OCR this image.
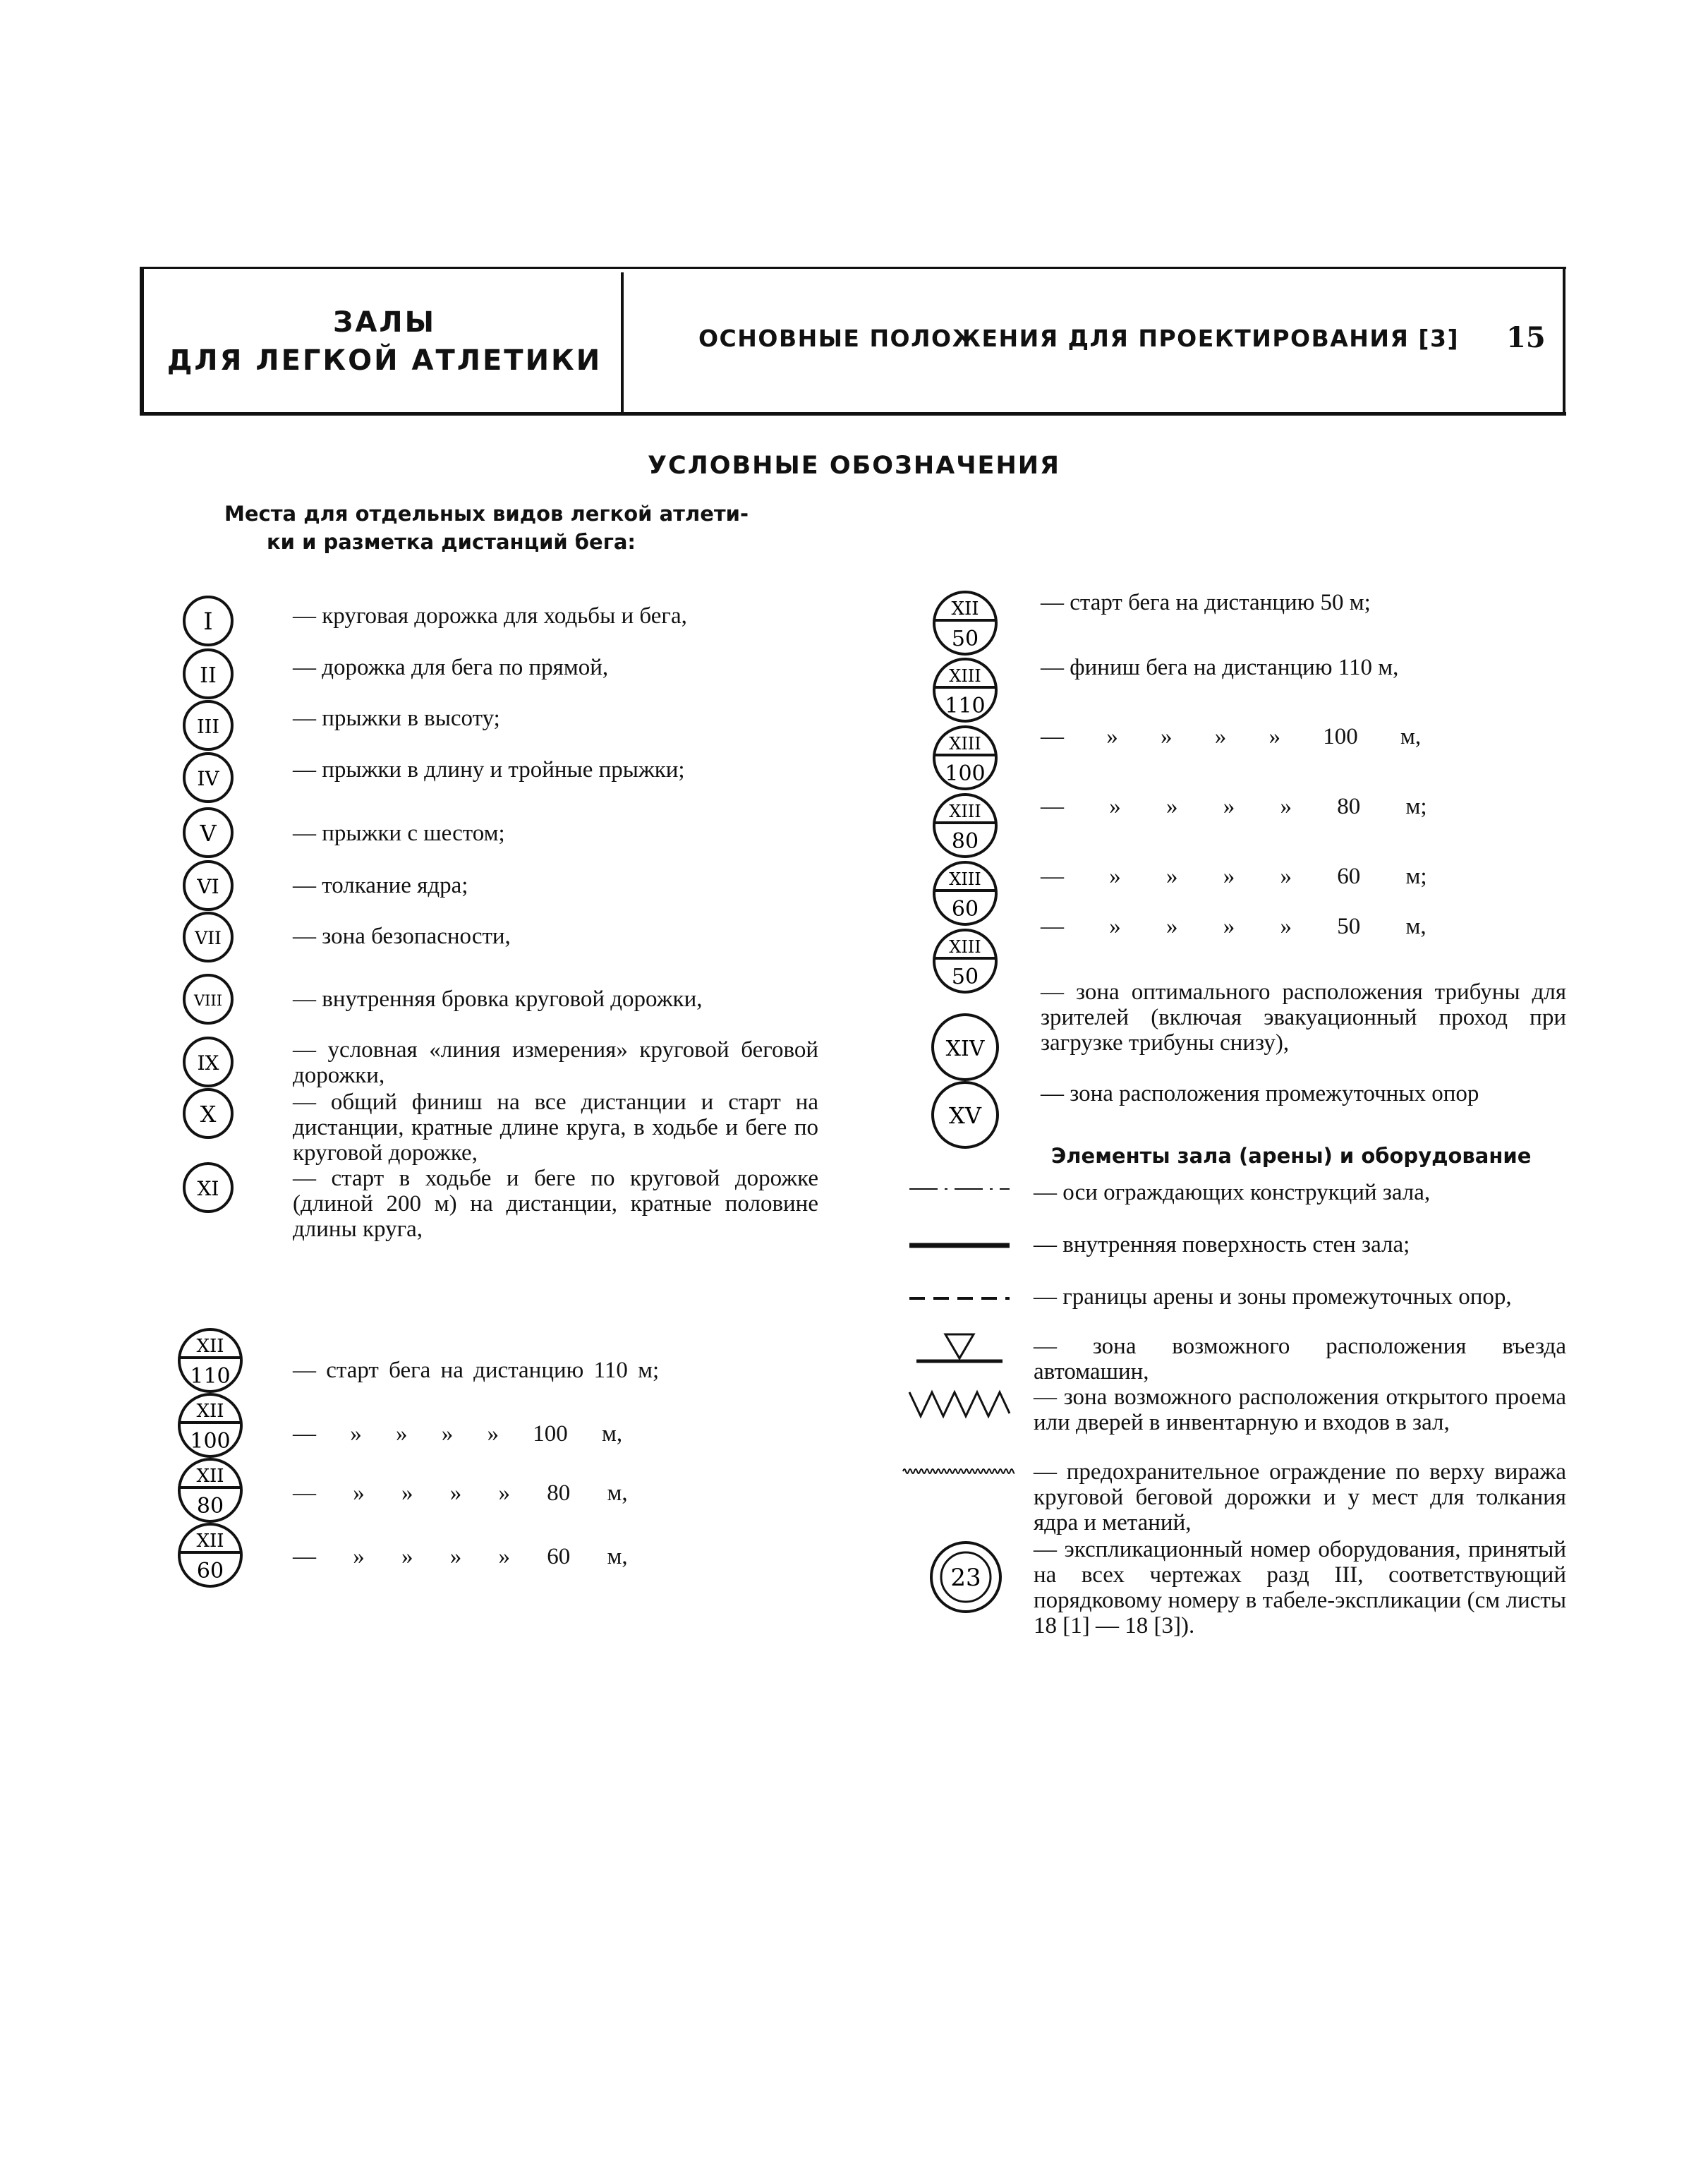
ЗАЛЫ
ДЛЯ ЛЕГКОЙ АТЛЕТИКИ
ОСНОВНЫЕ ПОЛОЖЕНИЯ ДЛЯ ПРОЕКТИРОВАНИЯ [3] 15
УСЛОВНЫЕ ОБОЗНАЧЕНИЯ
Места для отдельных видов легкой атлети-
ки и разметка дистанций бега:
I
II
III
IV
V
VI
VII
VIII
IX
X
XI
— круговая дорожка для ходьбы и бега,
— дорожка для бега по прямой,
— прыжки в высоту;
— прыжки в длину и тройные прыжки;
— прыжки с шестом;
— толкание ядра;
— зона безопасности,
— внутренняя бровка круговой дорожки,
— условная «линия измерения» круговой беговой дорожки,
— общий финиш на все дистанции и старт на дистанции, кратные длине круга, в ходьбе и беге по круговой дорожке,
— старт в ходьбе и беге по круговой дорожке (длиной 200 м) на дистанции, кратные половине длины круга,
XII
110
XII
100
XII
80
XII
60
— старт бега на дистанцию 110 м;
— » » » » 100 м,
— » » » » 80 м,
— » » » » 60 м,
XII
50
XIII
110
XIII
100
XIII
80
XIII
60
XIII
50
— старт бега на дистанцию 50 м;
— финиш бега на дистанцию 110 м,
— » » » » 100 м,
— » » » » 80 м;
— » » » » 60 м;
— » » » » 50 м,
XIV
XV
— зона оптимального расположения трибуны для зрителей (включая эвакуационный проход при загрузке трибуны снизу),
— зона расположения промежуточных опор
Элементы зала (арены) и оборудование
23
— оси ограждающих конструкций зала,
— внутренняя поверхность стен зала;
— границы арены и зоны промежуточных опор,
— зона возможного расположения въезда автомашин,
— зона возможного расположения открытого проема или дверей в инвентарную и входов в зал,
— предохранительное ограждение по верху виража круговой беговой дорожки и у мест для толкания ядра и метаний,
— экспликационный номер оборудования, принятый на всех чертежах разд III, соответствующий порядковому номеру в табеле-экспликации (см листы 18 [1] — 18 [3]).
